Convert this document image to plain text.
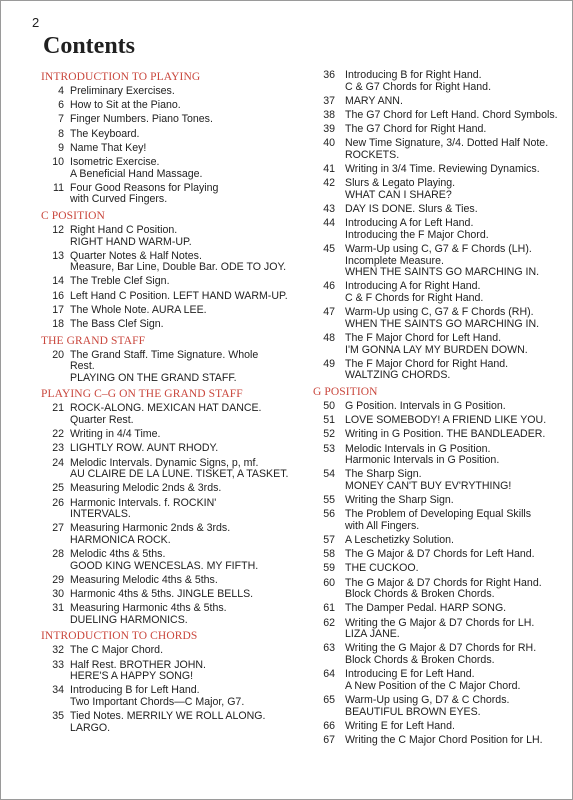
2
Contents
INTRODUCTION TO PLAYING
4 Preliminary Exercises.
6 How to Sit at the Piano.
7 Finger Numbers. Piano Tones.
8 The Keyboard.
9 Name That Key!
10 Isometric Exercise.
A Beneficial Hand Massage.
11 Four Good Reasons for Playing
with Curved Fingers.
C POSITION
12 Right Hand C Position.
RIGHT HAND WARM-UP.
13 Quarter Notes & Half Notes.
Measure, Bar Line, Double Bar. ODE TO JOY.
14 The Treble Clef Sign.
16 Left Hand C Position. LEFT HAND WARM-UP.
17 The Whole Note. AURA LEE.
18 The Bass Clef Sign.
THE GRAND STAFF
20 The Grand Staff. Time Signature. Whole
Rest.
PLAYING ON THE GRAND STAFF.
PLAYING C–G ON THE GRAND STAFF
21 ROCK-ALONG. MEXICAN HAT DANCE.
Quarter Rest.
22 Writing in 4/4 Time.
23 LIGHTLY ROW. AUNT RHODY.
24 Melodic Intervals. Dynamic Signs, p, mf.
AU CLAIRE DE LA LUNE. TISKET, A TASKET.
25 Measuring Melodic 2nds & 3rds.
26 Harmonic Intervals. f. ROCKIN'
INTERVALS.
27 Measuring Harmonic 2nds & 3rds.
HARMONICA ROCK.
28 Melodic 4ths & 5ths.
GOOD KING WENCESLAS. MY FIFTH.
29 Measuring Melodic 4ths & 5ths.
30 Harmonic 4ths & 5ths. JINGLE BELLS.
31 Measuring Harmonic 4ths & 5ths.
DUELING HARMONICS.
INTRODUCTION TO CHORDS
32 The C Major Chord.
33 Half Rest. BROTHER JOHN.
HERE'S A HAPPY SONG!
34 Introducing B for Left Hand.
Two Important Chords—C Major, G7.
35 Tied Notes. MERRILY WE ROLL ALONG.
LARGO.
36 Introducing B for Right Hand.
C & G7 Chords for Right Hand.
37 MARY ANN.
38 The G7 Chord for Left Hand. Chord Symbols.
39 The G7 Chord for Right Hand.
40 New Time Signature, 3/4. Dotted Half Note.
ROCKETS.
41 Writing in 3/4 Time. Reviewing Dynamics.
42 Slurs & Legato Playing.
WHAT CAN I SHARE?
43 DAY IS DONE. Slurs & Ties.
44 Introducing A for Left Hand.
Introducing the F Major Chord.
45 Warm-Up using C, G7 & F Chords (LH).
Incomplete Measure.
WHEN THE SAINTS GO MARCHING IN.
46 Introducing A for Right Hand.
C & F Chords for Right Hand.
47 Warm-Up using C, G7 & F Chords (RH).
WHEN THE SAINTS GO MARCHING IN.
48 The F Major Chord for Left Hand.
I'M GONNA LAY MY BURDEN DOWN.
49 The F Major Chord for Right Hand.
WALTZING CHORDS.
G POSITION
50 G Position. Intervals in G Position.
51 LOVE SOMEBODY! A FRIEND LIKE YOU.
52 Writing in G Position. THE BANDLEADER.
53 Melodic Intervals in G Position.
Harmonic Intervals in G Position.
54 The Sharp Sign.
MONEY CAN'T BUY EV'RYTHING!
55 Writing the Sharp Sign.
56 The Problem of Developing Equal Skills
with All Fingers.
57 A Leschetizky Solution.
58 The G Major & D7 Chords for Left Hand.
59 THE CUCKOO.
60 The G Major & D7 Chords for Right Hand.
Block Chords & Broken Chords.
61 The Damper Pedal. HARP SONG.
62 Writing the G Major & D7 Chords for LH.
LIZA JANE.
63 Writing the G Major & D7 Chords for RH.
Block Chords & Broken Chords.
64 Introducing E for Left Hand.
A New Position of the C Major Chord.
65 Warm-Up using G, D7 & C Chords.
BEAUTIFUL BROWN EYES.
66 Writing E for Left Hand.
67 Writing the C Major Chord Position for LH.
